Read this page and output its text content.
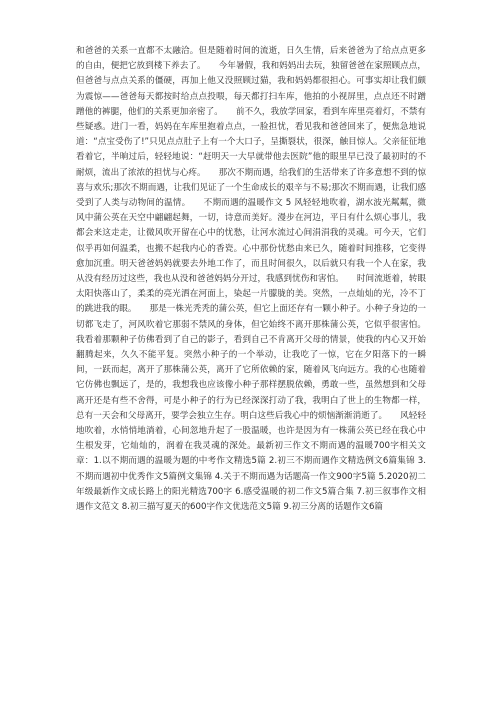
和爸爸的关系一直都不太融洽。但是随着时间的流逝，日久生情，后来爸爸为了给点点更多的自由，便把它放到楼下养去了。　　今年暑假，我和妈妈出去玩，独留爸爸在家照顾点点，但爸爸与点点关系的僵硬，再加上他又没照顾过猫，我和妈妈都很担心。可事实却让我们颇为震惊——爸爸每天都按时给点点投喂，每天都打扫车库，他拍的小视屏里，点点还不时蹭蹭他的裤腿，他们的关系更加亲密了。　　前不久，我放学回家，看到车库里亮着灯，不禁有些疑惑。进门一看，妈妈在车库里抱着点点，一脸担忧，看见我和爸爸回来了，便焦急地说道：“点宝受伤了!”只见点点肚子上有一个大口子，呈撕裂状，很深，触目惊人。父亲征征地看着它，半晌过后，轻轻地说：“赶明天一大早就带他去医院”他的眼里早已没了最初时的不耐烦，流出了浓浓的担忧与心疼。　　那次不期而遇，给我们的生活带来了许多意想不到的惊喜与欢乐;那次不期而遇，让我们见证了一个生命成长的艰辛与不易;那次不期而遇，让我们感受到了人类与动物间的温情。　　不期而遇的温暖作文 5 风轻轻地吹着，湖水波光粼粼，微风中蒲公英在天空中翩翩起舞，一切，诗意而美好。漫步在河边，平日有什么烦心事儿，我都会来这走走，让微风吹开留在心中的忧愁，让河水流过心间涓涓我的灵魂。可今天，它们似乎再如何温柔，也搬不起我内心的香瓷。心中那份忧愁由来已久，随着时间推移，它变得愈加沉重。明天爸爸妈妈就要去外地工作了，而且时间很久，以后就只有我一个人在家，我从没有经历过这些，我也从没和爸爸妈妈分开过，我感到忧伤和害怕。　　时间流逝着，转眼太阳快落山了，柔柔的亮光洒在河面上，染起一片朦胧的美。突然，一点灿灿的光，冷不丁的跳进我的眼。　　那是一株光秃秃的蒲公英，但它上面还存有一颗小种子。小种子身边的一切都飞走了，河风吹着它那弱不禁风的身体，但它始终不离开那株蒲公英，它似乎很害怕。我看着那颗种子仿佛看到了自己的影子，看到自己不肯离开父母的情景，使我的内心又开始翻腾起来，久久不能平复。突然小种子的一个举动，让我吃了一惊，它在夕阳落下的一瞬间，一跃而起，离开了那株蒲公英，离开了它所依赖的家，随着风飞向远方。我的心也随着它仿佛也飘远了，是的，我想我也应该像小种子那样摆脱依赖，勇敢一些，虽然想到和父母离开还是有些不舍得，可是小种子的行为已经深深打动了我，我明白了世上的生物都一样，总有一天会和父母离开，要学会独立生存。明白这些后我心中的烦恼渐渐消逝了。　　风轻轻地吹着，水悄悄地淌着，心间忽地升起了一股温暖，也许是因为有一株蒲公英已经在我心中生根发芽，它灿灿的，润着在我灵魂的深处。最新初三作文不期而遇的温暖700字相关文章：1.以不期而遇的温暖为题的中考作文精选5篇 2.初三不期而遇作文精选例文6篇集锦 3.不期而遇初中优秀作文5篇例文集锦 4.关于不期而遇为话题高一作文900字5篇 5.2020初二年级最新作文成长路上的阳光精选700字 6.感受温暖的初二作文5篇合集 7.初三叙事作文相遇作文范文 8.初三描写夏天的600字作文优选范文5篇 9.初三分离的话题作文6篇
